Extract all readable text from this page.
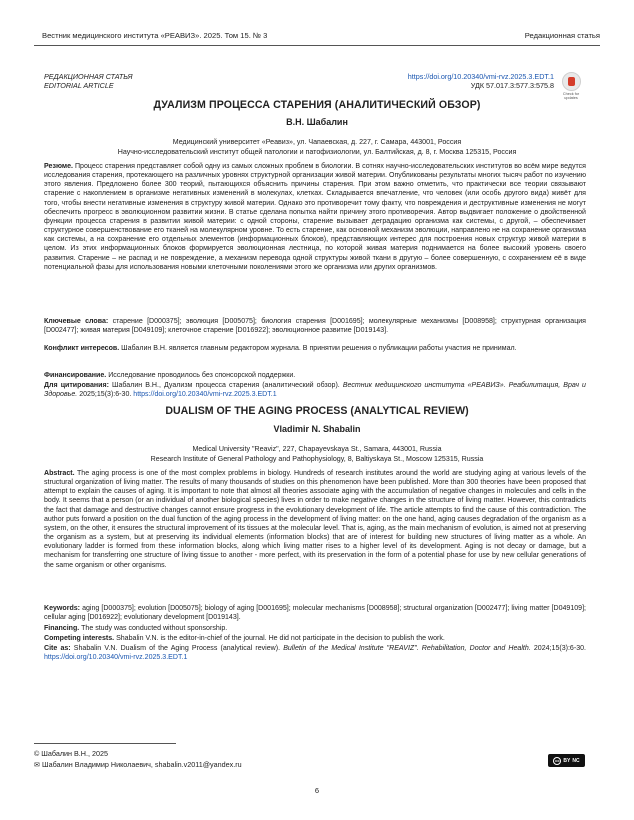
Вестник медицинского института «РЕАВИЗ». 2025. Том 15. № 3	Редакционная статья
РЕДАКЦИОННАЯ СТАТЬЯ
EDITORIAL ARTICLE
https://doi.org/10.20340/vmi-rvz.2025.3.EDT.1
УДК 57.017.3:577.3:575.8
Check for updates
ДУАЛИЗМ ПРОЦЕССА СТАРЕНИЯ (АНАЛИТИЧЕСКИЙ ОБЗОР)
В.Н. Шабалин
Медицинский университет «Реавиз», ул. Чапаевская, д. 227, г. Самара, 443001, Россия
Научно-исследовательский институт общей патологии и патофизиологии, ул. Балтийская, д. 8, г. Москва 125315, Россия
Резюме. Процесс старения представляет собой одну из самых сложных проблем в биологии. В сотнях научно-исследовательских институтов во всём мире ведутся исследования старения, протекающего на различных уровнях структурной организации живой материи. Опубликованы результаты многих тысяч работ по изучению этого явления. Предложено более 300 теорий, пытающихся объяснить причины старения. При этом важно отметить, что практически все теории связывают старение с накоплением в организме негативных изменений в молекулах, клетках. Складывается впечатление, что человек (или особь другого вида) живёт для того, чтобы внести негативные изменения в структуру живой материи. Однако это противоречит тому факту, что повреждения и деструктивные изменения не могут обеспечить прогресс в эволюционном развитии жизни. В статье сделана попытка найти причину этого противоречия. Автор выдвигает положение о двойственной функции процесса старения в развитии живой материи: с одной стороны, старение вызывает деградацию организма как системы, с другой, – обеспечивает структурное совершенствование его тканей на молекулярном уровне. То есть старение, как основной механизм эволюции, направлено не на сохранение организма как системы, а на сохранение его отдельных элементов (информационных блоков), представляющих интерес для построения новых структур живой материи в целом. Из этих информационных блоков формируется эволюционная лестница, по которой живая материя поднимается на более высокий уровень своего развития. Старение – не распад и не повреждение, а механизм перевода одной структуры живой ткани в другую – более совершенную, с сохранением её в виде потенциальной фазы для использования новыми клеточными поколениями этого же организма или других организмов.
Ключевые слова: старение [D000375]; эволюция [D005075]; биология старения [D001695]; молекулярные механизмы [D008958]; структурная организация [D002477]; живая материя [D049109]; клеточное старение [D016922]; эволюционное развитие [D019143].
Конфликт интересов. Шабалин В.Н. является главным редактором журнала. В принятии решения о публикации работы участия не принимал.
Финансирование. Исследование проводилось без спонсорской поддержки.
Для цитирования: Шабалин В.Н., Дуализм процесса старения (аналитический обзор). Вестник медицинского института «РЕАВИЗ». Реабилитация, Врач и Здоровье. 2025;15(3):6-30. https://doi.org/10.20340/vmi-rvz.2025.3.EDT.1
DUALISM OF THE AGING PROCESS (ANALYTICAL REVIEW)
Vladimir N. Shabalin
Medical University "Reaviz", 227, Chapayevskaya St., Samara, 443001, Russia
Research Institute of General Pathology and Pathophysiology, 8, Baltiyskaya St., Moscow 125315, Russia
Abstract. The aging process is one of the most complex problems in biology. Hundreds of research institutes around the world are studying aging at various levels of the structural organization of living matter. The results of many thousands of studies on this phenomenon have been published. More than 300 theories have been proposed that attempt to explain the causes of aging. It is important to note that almost all theories associate aging with the accumulation of negative changes in molecules and cells in the body. It seems that a person (or an individual of another biological species) lives in order to make negative changes in the structure of living matter. However, this contradicts the fact that damage and destructive changes cannot ensure progress in the evolutionary development of life. The article attempts to find the cause of this contradiction. The author puts forward a position on the dual function of the aging process in the development of living matter: on the one hand, aging causes degradation of the organism as a system, on the other, it ensures the structural improvement of its tissues at the molecular level. That is, aging, as the main mechanism of evolution, is aimed not at preserving the organism as a system, but at preserving its individual elements (information blocks) that are of interest for building new structures of living matter as a whole. An evolutionary ladder is formed from these information blocks, along which living matter rises to a higher level of its development. Aging is not decay or damage, but a mechanism for transferring one structure of living tissue to another - more perfect, with its preservation in the form of a potential phase for use by new cellular generations of the same organism or other organisms.
Keywords: aging [D000375]; evolution [D005075]; biology of aging [D001695]; molecular mechanisms [D008958]; structural organization [D002477]; living matter [D049109]; cellular aging [D016922]; evolutionary development [D019143].
Financing. The study was conducted without sponsorship.
Competing interests. Shabalin V.N. is the editor-in-chief of the journal. He did not participate in the decision to publish the work.
Cite as: Shabalin V.N. Dualism of the Aging Process (analytical review). Bulletin of the Medical Institute "REAVIZ". Rehabilitation, Doctor and Health. 2024;15(3):6-30. https://doi.org/10.20340/vmi-rvz.2025.3.EDT.1
© Шабалин В.Н., 2025
✉ Шабалин Владимир Николаевич, shabalin.v2011@yandex.ru	cc BY NC
6
